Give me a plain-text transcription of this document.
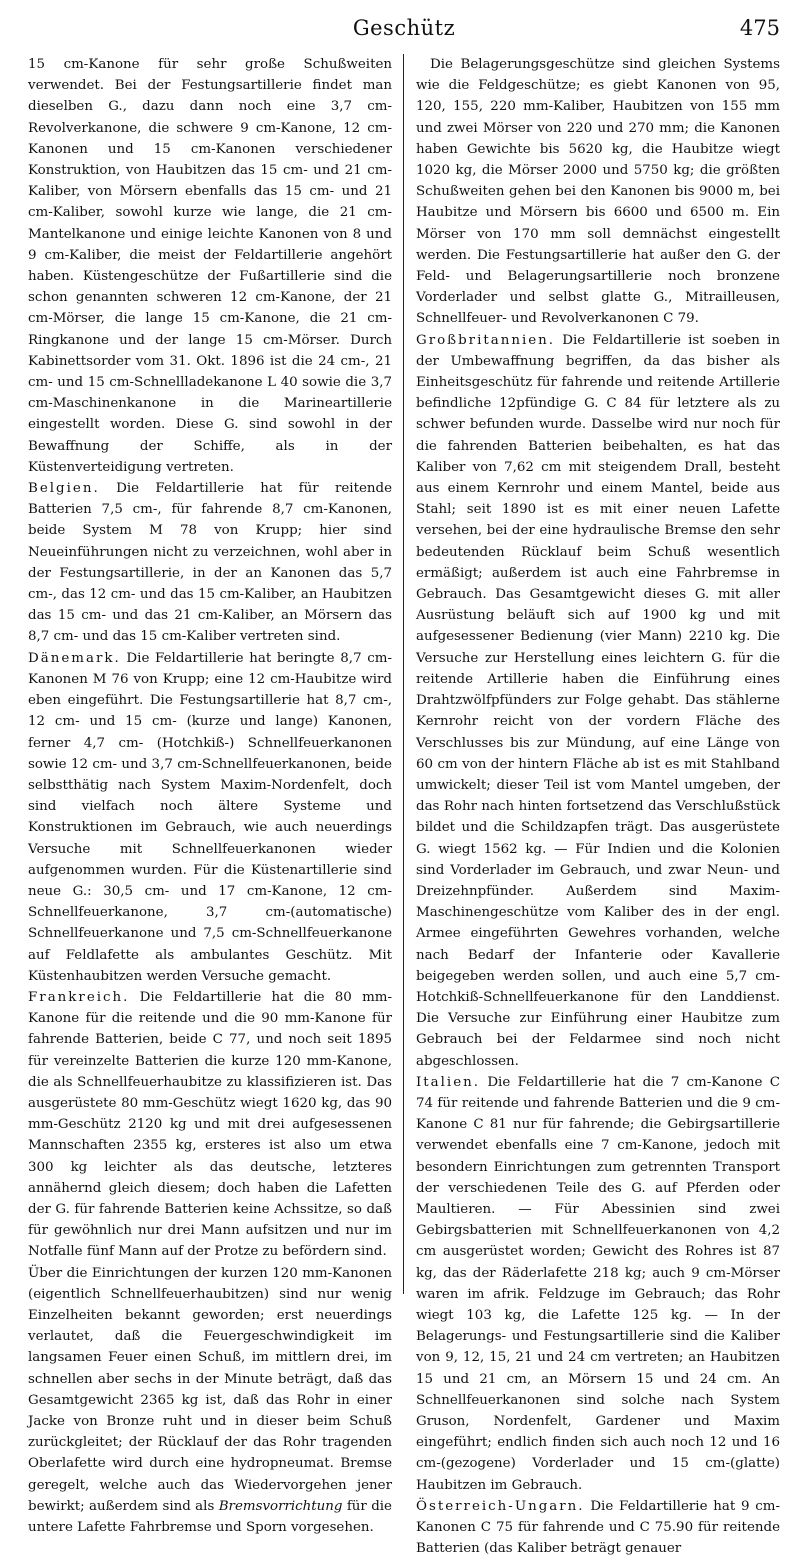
Geschütz	475

15 cm-Kanone für sehr große Schußweiten verwendet. Bei der Festungsartillerie findet man dieselben G., dazu dann noch eine 3,7 cm-Revolverkanone, die schwere 9 cm-Kanone, 12 cm-Kanonen und 15 cm-Kanonen verschiedener Konstruktion, von Haubitzen das 15 cm- und 21 cm-Kaliber, von Mörsern ebenfalls das 15 cm- und 21 cm-Kaliber, sowohl kurze wie lange, die 21 cm-Mantelkanone und einige leichte Kanonen von 8 und 9 cm-Kaliber, die meist der Feldartillerie angehört haben. Küstengeschütze der Fußartillerie sind die schon genannten schweren 12 cm-Kanone, der 21 cm-Mörser, die lange 15 cm-Kanone, die 21 cm-Ringkanone und der lange 15 cm-Mörser. Durch Kabinettsorder vom 31. Okt. 1896 ist die 24 cm-, 21 cm- und 15 cm-Schnellladekanone L 40 sowie die 3,7 cm-Maschinenkanone in die Marineartillerie eingestellt worden. Diese G. sind sowohl in der Bewaffnung der Schiffe, als in der Küstenverteidigung vertreten.

Belgien. Die Feldartillerie hat für reitende Batterien 7,5 cm-, für fahrende 8,7 cm-Kanonen, beide System M 78 von Krupp; hier sind Neueinführungen nicht zu verzeichnen, wohl aber in der Festungsartillerie, in der an Kanonen das 5,7 cm-, das 12 cm- und das 15 cm-Kaliber, an Haubitzen das 15 cm- und das 21 cm-Kaliber, an Mörsern das 8,7 cm- und das 15 cm-Kaliber vertreten sind.

Dänemark. Die Feldartillerie hat beringte 8,7 cm-Kanonen M 76 von Krupp; eine 12 cm-Haubitze wird eben eingeführt. Die Festungsartillerie hat 8,7 cm-, 12 cm- und 15 cm- (kurze und lange) Kanonen, ferner 4,7 cm- (Hotchkiß-) Schnellfeuerkanonen sowie 12 cm- und 3,7 cm-Schnellfeuerkanonen, beide selbstthätig nach System Maxim-Nordenfelt, doch sind vielfach noch ältere Systeme und Konstruktionen im Gebrauch, wie auch neuerdings Versuche mit Schnellfeuerkanonen wieder aufgenommen wurden. Für die Küstenartillerie sind neue G.: 30,5 cm- und 17 cm-Kanone, 12 cm-Schnellfeuerkanone, 3,7 cm-(automatische) Schnellfeuerkanone und 7,5 cm-Schnellfeuerkanone auf Feldlafette als ambulantes Geschütz. Mit Küstenhaubitzen werden Versuche gemacht.

Frankreich. Die Feldartillerie hat die 80 mm-Kanone für die reitende und die 90 mm-Kanone für fahrende Batterien, beide C 77, und noch seit 1895 für vereinzelte Batterien die kurze 120 mm-Kanone, die als Schnellfeuerhaubitze zu klassifizieren ist. Das ausgerüstete 80 mm-Geschütz wiegt 1620 kg, das 90 mm-Geschütz 2120 kg und mit drei aufgesessenen Mannschaften 2355 kg, ersteres ist also um etwa 300 kg leichter als das deutsche, letzteres annähernd gleich diesem; doch haben die Lafetten der G. für fahrende Batterien keine Achssitze, so daß für gewöhnlich nur drei Mann aufsitzen und nur im Notfalle fünf Mann auf der Protze zu befördern sind.

Über die Einrichtungen der kurzen 120 mm-Kanonen (eigentlich Schnellfeuerhaubitzen) sind nur wenig Einzelheiten bekannt geworden; erst neuerdings verlautet, daß die Feuergeschwindigkeit im langsamen Feuer einen Schuß, im mittlern drei, im schnellen aber sechs in der Minute beträgt, daß das Gesamtgewicht 2365 kg ist, daß das Rohr in einer Jacke von Bronze ruht und in dieser beim Schuß zurückgleitet; der Rücklauf der das Rohr tragenden Oberlafette wird durch eine hydropneumat. Bremse geregelt, welche auch das Wiedervorgehen jener bewirkt; außerdem sind als Bremsvorrichtung für die untere Lafette Fahrbremse und Sporn vorgesehen.

Die Belagerungsgeschütze sind gleichen Systems wie die Feldgeschütze; es giebt Kanonen von 95, 120, 155, 220 mm-Kaliber, Haubitzen von 155 mm und zwei Mörser von 220 und 270 mm; die Kanonen haben Gewichte bis 5620 kg, die Haubitze wiegt 1020 kg, die Mörser 2000 und 5750 kg; die größten Schußweiten gehen bei den Kanonen bis 9000 m, bei Haubitze und Mörsern bis 6600 und 6500 m. Ein Mörser von 170 mm soll demnächst eingestellt werden. Die Festungsartillerie hat außer den G. der Feld- und Belagerungsartillerie noch bronzene Vorderlader und selbst glatte G., Mitrailleusen, Schnellfeuer- und Revolverkanonen C 79.

Großbritannien. Die Feldartillerie ist soeben in der Umbewaffnung begriffen, da das bisher als Einheitsgeschütz für fahrende und reitende Artillerie befindliche 12pfündige G. C 84 für letztere als zu schwer befunden wurde. Dasselbe wird nur noch für die fahrenden Batterien beibehalten, es hat das Kaliber von 7,62 cm mit steigendem Drall, besteht aus einem Kernrohr und einem Mantel, beide aus Stahl; seit 1890 ist es mit einer neuen Lafette versehen, bei der eine hydraulische Bremse den sehr bedeutenden Rücklauf beim Schuß wesentlich ermäßigt; außerdem ist auch eine Fahrbremse in Gebrauch. Das Gesamtgewicht dieses G. mit aller Ausrüstung beläuft sich auf 1900 kg und mit aufgesessener Bedienung (vier Mann) 2210 kg. Die Versuche zur Herstellung eines leichtern G. für die reitende Artillerie haben die Einführung eines Drahtzwölfpfünders zur Folge gehabt. Das stählerne Kernrohr reicht von der vordern Fläche des Verschlusses bis zur Mündung, auf eine Länge von 60 cm von der hintern Fläche ab ist es mit Stahlband umwickelt; dieser Teil ist vom Mantel umgeben, der das Rohr nach hinten fortsetzend das Verschlußstück bildet und die Schildzapfen trägt. Das ausgerüstete G. wiegt 1562 kg. — Für Indien und die Kolonien sind Vorderlader im Gebrauch, und zwar Neun- und Dreizehnpfünder. Außerdem sind Maxim-Maschinengeschütze vom Kaliber des in der engl. Armee eingeführten Gewehres vorhanden, welche nach Bedarf der Infanterie oder Kavallerie beigegeben werden sollen, und auch eine 5,7 cm-Hotchkiß-Schnellfeuerkanone für den Landdienst. Die Versuche zur Einführung einer Haubitze zum Gebrauch bei der Feldarmee sind noch nicht abgeschlossen.

Italien. Die Feldartillerie hat die 7 cm-Kanone C 74 für reitende und fahrende Batterien und die 9 cm-Kanone C 81 nur für fahrende; die Gebirgsartillerie verwendet ebenfalls eine 7 cm-Kanone, jedoch mit besondern Einrichtungen zum getrennten Transport der verschiedenen Teile des G. auf Pferden oder Maultieren. — Für Abessinien sind zwei Gebirgsbatterien mit Schnellfeuerkanonen von 4,2 cm ausgerüstet worden; Gewicht des Rohres ist 87 kg, das der Räderlafette 218 kg; auch 9 cm-Mörser waren im afrik. Feldzuge im Gebrauch; das Rohr wiegt 103 kg, die Lafette 125 kg. — In der Belagerungs- und Festungsartillerie sind die Kaliber von 9, 12, 15, 21 und 24 cm vertreten; an Haubitzen 15 und 21 cm, an Mörsern 15 und 24 cm. An Schnellfeuerkanonen sind solche nach System Gruson, Nordenfelt, Gardener und Maxim eingeführt; endlich finden sich auch noch 12 und 16 cm-(gezogene) Vorderlader und 15 cm-(glatte) Haubitzen im Gebrauch.

Österreich-Ungarn. Die Feldartillerie hat 9 cm-Kanonen C 75 für fahrende und C 75.90 für reitende Batterien (das Kaliber beträgt genauer
